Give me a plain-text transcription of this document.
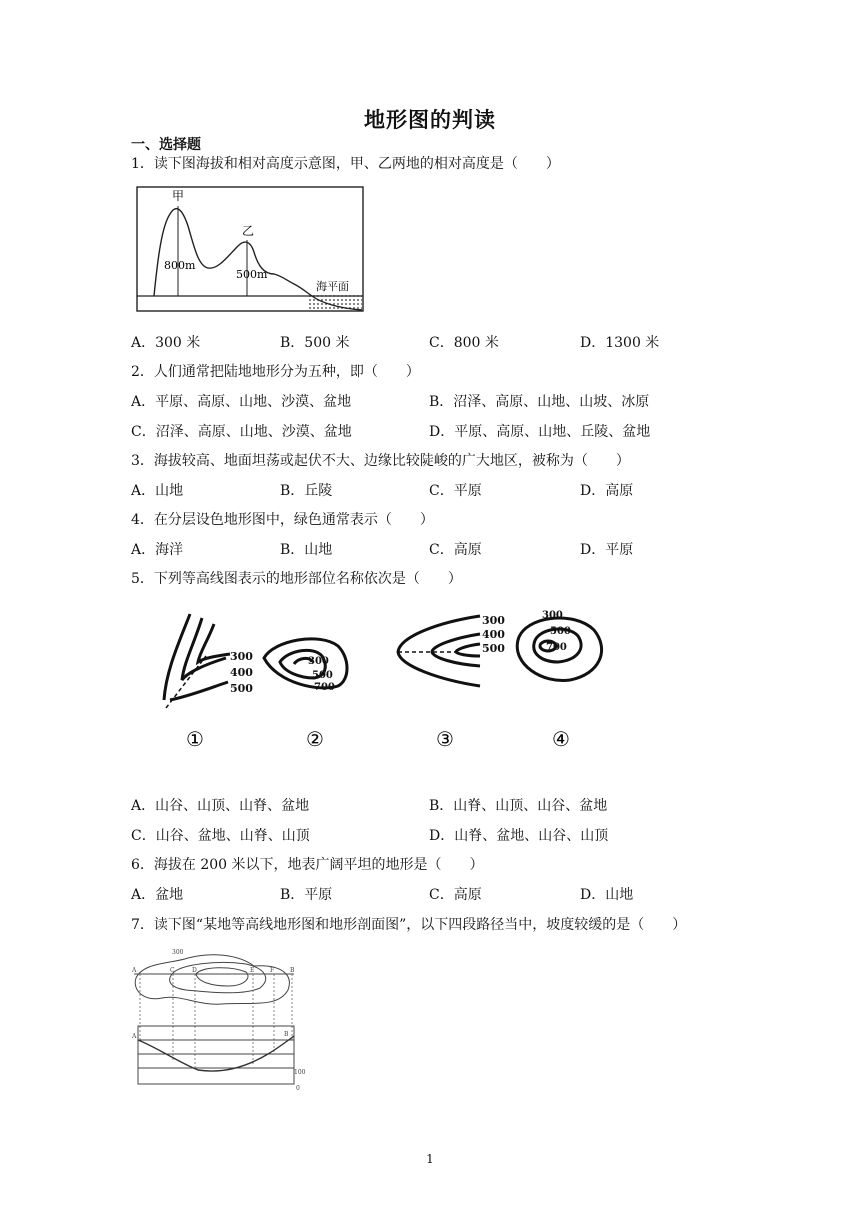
地形图的判读
一、选择题
1．读下图海拔和相对高度示意图，甲、乙两地的相对高度是（　　）
甲
乙
800m
500m
海平面
A．300 米	B．500 米	C．800 米	D．1300 米
2．人们通常把陆地地形分为五种，即（　　）
A．平原、高原、山地、沙漠、盆地	B．沼泽、高原、山地、山坡、冰原
C．沼泽、高原、山地、沙漠、盆地	D．平原、高原、山地、丘陵、盆地
3．海拔较高、地面坦荡或起伏不大、边缘比较陡峻的广大地区，被称为（　　）
A．山地	B．丘陵	C．平原	D．高原
4．在分层设色地形图中，绿色通常表示（　　）
A．海洋	B．山地	C．高原	D．平原
5．下列等高线图表示的地形部位名称依次是（　　）
300
400
500
300
500
700
300
400
500
300
500
700
①	②	③	④
A．山谷、山顶、山脊、盆地	B．山脊、山顶、山谷、盆地
C．山谷、盆地、山脊、山顶	D．山脊、盆地、山谷、山顶
6．海拔在 200 米以下，地表广阔平坦的地形是（　　）
A．盆地	B．平原	C．高原	D．山地
7．读下图“某地等高线地形图和地形剖面图”，以下四段路径当中，坡度较缓的是（　　）
A	C	D	E	F	B
300
A	B
100
0
1
